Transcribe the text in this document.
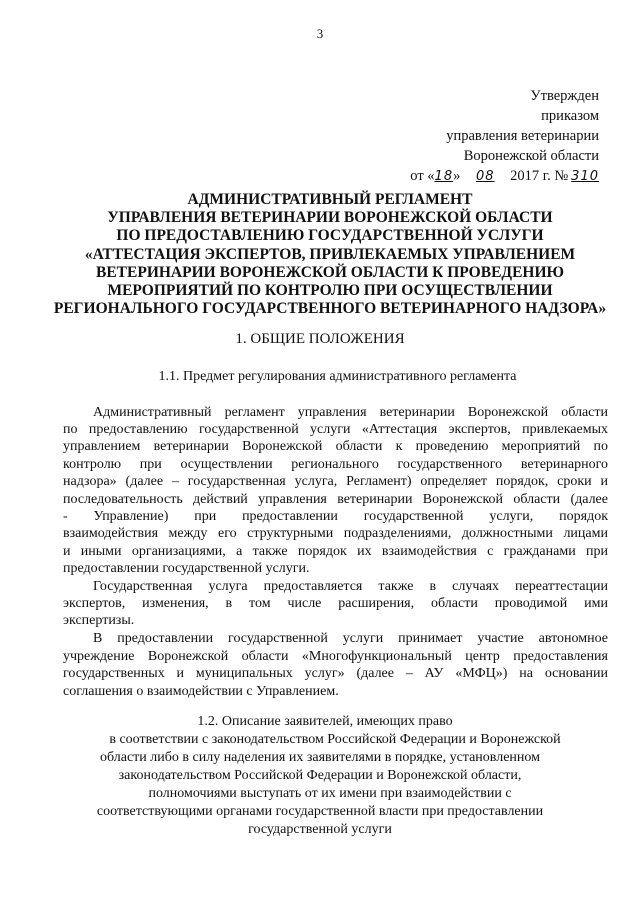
3
Утвержден
приказом
управления ветеринарии
Воронежской области
от «18» 08 2017 г. № 310
АДМИНИСТРАТИВНЫЙ РЕГЛАМЕНТ
УПРАВЛЕНИЯ ВЕТЕРИНАРИИ ВОРОНЕЖСКОЙ ОБЛАСТИ
ПО ПРЕДОСТАВЛЕНИЮ ГОСУДАРСТВЕННОЙ УСЛУГИ
«АТТЕСТАЦИЯ ЭКСПЕРТОВ, ПРИВЛЕКАЕМЫХ УПРАВЛЕНИЕМ
ВЕТЕРИНАРИИ ВОРОНЕЖСКОЙ ОБЛАСТИ К ПРОВЕДЕНИЮ
МЕРОПРИЯТИЙ ПО КОНТРОЛЮ ПРИ ОСУЩЕСТВЛЕНИИ
РЕГИОНАЛЬНОГО ГОСУДАРСТВЕННОГО ВЕТЕРИНАРНОГО НАДЗОРА»
1. ОБЩИЕ ПОЛОЖЕНИЯ
1.1. Предмет регулирования административного регламента
Административный регламент управления ветеринарии Воронежской области
по предоставлению государственной услуги «Аттестация экспертов, привлекаемых
управлением ветеринарии Воронежской области к проведению мероприятий по
контролю при осуществлении регионального государственного ветеринарного
надзора» (далее – государственная услуга, Регламент) определяет порядок, сроки и
последовательность действий управления ветеринарии Воронежской области (далее
- Управление) при предоставлении государственной услуги, порядок
взаимодействия между его структурными подразделениями, должностными лицами
и иными организациями, а также порядок их взаимодействия с гражданами при
предоставлении государственной услуги.
Государственная услуга предоставляется также в случаях переаттестации
экспертов, изменения, в том числе расширения, области проводимой ими
экспертизы.
В предоставлении государственной услуги принимает участие автономное
учреждение Воронежской области «Многофункциональный центр предоставления
государственных и муниципальных услуг» (далее – АУ «МФЦ») на основании
соглашения о взаимодействии с Управлением.
1.2. Описание заявителей, имеющих право
в соответствии с законодательством Российской Федерации и Воронежской
области либо в силу наделения их заявителями в порядке, установленном
законодательством Российской Федерации и Воронежской области,
полномочиями выступать от их имени при взаимодействии с
соответствующими органами государственной власти при предоставлении
государственной услуги
